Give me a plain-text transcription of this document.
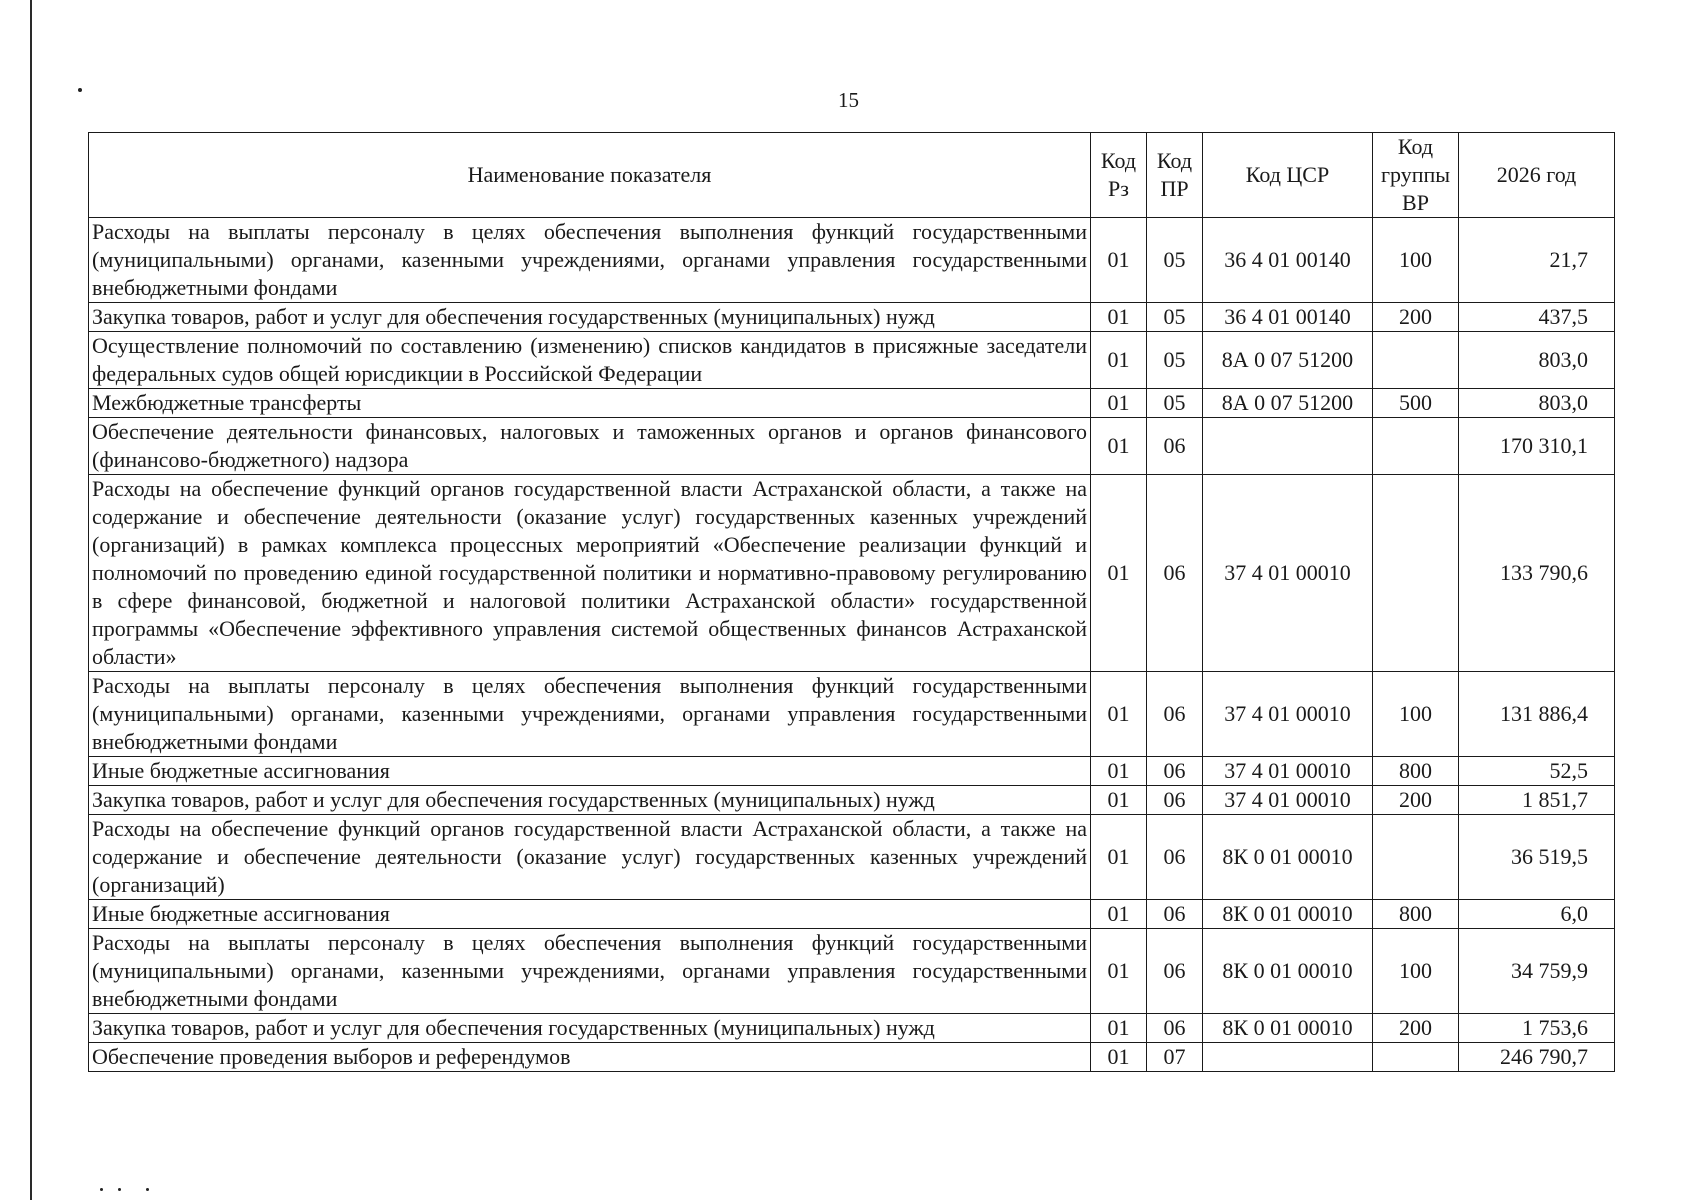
15
Наименование показателя	Код Рз	Код ПР	Код ЦСР	Код группы ВР	2026 год
Расходы на выплаты персоналу в целях обеспечения выполнения функций государственными (муниципальными) органами, казенными учреждениями, органами управления государственными внебюджетными фондами	01	05	36 4 01 00140	100	21,7
Закупка товаров, работ и услуг для обеспечения государственных (муниципальных) нужд	01	05	36 4 01 00140	200	437,5
Осуществление полномочий по составлению (изменению) списков кандидатов в присяжные заседатели федеральных судов общей юрисдикции в Российской Федерации	01	05	8А 0 07 51200		803,0
Межбюджетные трансферты	01	05	8А 0 07 51200	500	803,0
Обеспечение деятельности финансовых, налоговых и таможенных органов и органов финансового (финансово-бюджетного) надзора	01	06			170 310,1
Расходы на обеспечение функций органов государственной власти Астраханской области, а также на содержание и обеспечение деятельности (оказание услуг) государственных казенных учреждений (организаций) в рамках комплекса процессных мероприятий «Обеспечение реализации функций и полномочий по проведению единой государственной политики и нормативно-правовому регулированию в сфере финансовой, бюджетной и налоговой политики Астраханской области» государственной программы «Обеспечение эффективного управления системой общественных финансов Астраханской области»	01	06	37 4 01 00010		133 790,6
Расходы на выплаты персоналу в целях обеспечения выполнения функций государственными (муниципальными) органами, казенными учреждениями, органами управления государственными внебюджетными фондами	01	06	37 4 01 00010	100	131 886,4
Иные бюджетные ассигнования	01	06	37 4 01 00010	800	52,5
Закупка товаров, работ и услуг для обеспечения государственных (муниципальных) нужд	01	06	37 4 01 00010	200	1 851,7
Расходы на обеспечение функций органов государственной власти Астраханской области, а также на содержание и обеспечение деятельности (оказание услуг) государственных казенных учреждений (организаций)	01	06	8К 0 01 00010		36 519,5
Иные бюджетные ассигнования	01	06	8К 0 01 00010	800	6,0
Расходы на выплаты персоналу в целях обеспечения выполнения функций государственными (муниципальными) органами, казенными учреждениями, органами управления государственными внебюджетными фондами	01	06	8К 0 01 00010	100	34 759,9
Закупка товаров, работ и услуг для обеспечения государственных (муниципальных) нужд	01	06	8К 0 01 00010	200	1 753,6
Обеспечение проведения выборов и референдумов	01	07			246 790,7
